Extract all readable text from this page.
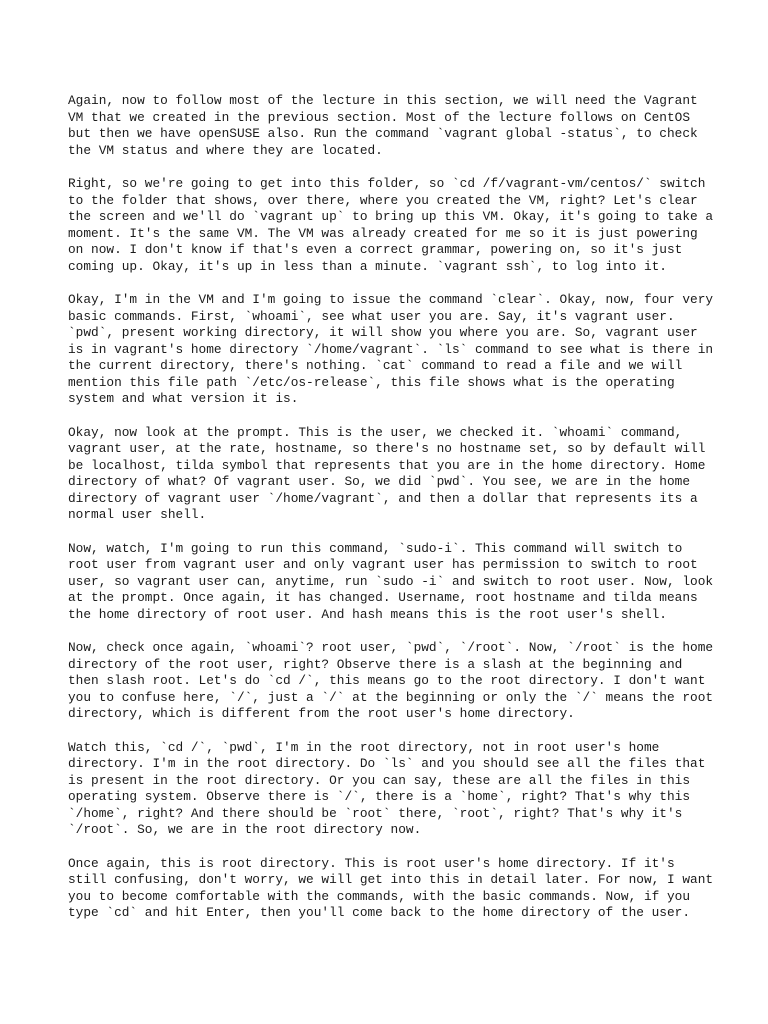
Again, now to follow most of the lecture in this section, we will need the Vagrant
VM that we created in the previous section. Most of the lecture follows on CentOS
but then we have openSUSE also. Run the command `vagrant global -status`, to check
the VM status and where they are located.

Right, so we're going to get into this folder, so `cd /f/vagrant-vm/centos/` switch
to the folder that shows, over there, where you created the VM, right? Let's clear
the screen and we'll do `vagrant up` to bring up this VM. Okay, it's going to take a
moment. It's the same VM. The VM was already created for me so it is just powering
on now. I don't know if that's even a correct grammar, powering on, so it's just
coming up. Okay, it's up in less than a minute. `vagrant ssh`, to log into it.

Okay, I'm in the VM and I'm going to issue the command `clear`. Okay, now, four very
basic commands. First, `whoami`, see what user you are. Say, it's vagrant user.
`pwd`, present working directory, it will show you where you are. So, vagrant user
is in vagrant's home directory `/home/vagrant`. `ls` command to see what is there in
the current directory, there's nothing. `cat` command to read a file and we will
mention this file path `/etc/os-release`, this file shows what is the operating
system and what version it is.

Okay, now look at the prompt. This is the user, we checked it. `whoami` command,
vagrant user, at the rate, hostname, so there's no hostname set, so by default will
be localhost, tilda symbol that represents that you are in the home directory. Home
directory of what? Of vagrant user. So, we did `pwd`. You see, we are in the home
directory of vagrant user `/home/vagrant`, and then a dollar that represents its a
normal user shell.

Now, watch, I'm going to run this command, `sudo-i`. This command will switch to
root user from vagrant user and only vagrant user has permission to switch to root
user, so vagrant user can, anytime, run `sudo -i` and switch to root user. Now, look
at the prompt. Once again, it has changed. Username, root hostname and tilda means
the home directory of root user. And hash means this is the root user's shell.

Now, check once again, `whoami`? root user, `pwd`, `/root`. Now, `/root` is the home
directory of the root user, right? Observe there is a slash at the beginning and
then slash root. Let's do `cd /`, this means go to the root directory. I don't want
you to confuse here, `/`, just a `/` at the beginning or only the `/` means the root
directory, which is different from the root user's home directory.

Watch this, `cd /`, `pwd`, I'm in the root directory, not in root user's home
directory. I'm in the root directory. Do `ls` and you should see all the files that
is present in the root directory. Or you can say, these are all the files in this
operating system. Observe there is `/`, there is a `home`, right? That's why this
`/home`, right? And there should be `root` there, `root`, right? That's why it's
`/root`. So, we are in the root directory now.

Once again, this is root directory. This is root user's home directory. If it's
still confusing, don't worry, we will get into this in detail later. For now, I want
you to become comfortable with the commands, with the basic commands. Now, if you
type `cd` and hit Enter, then you'll come back to the home directory of the user.
